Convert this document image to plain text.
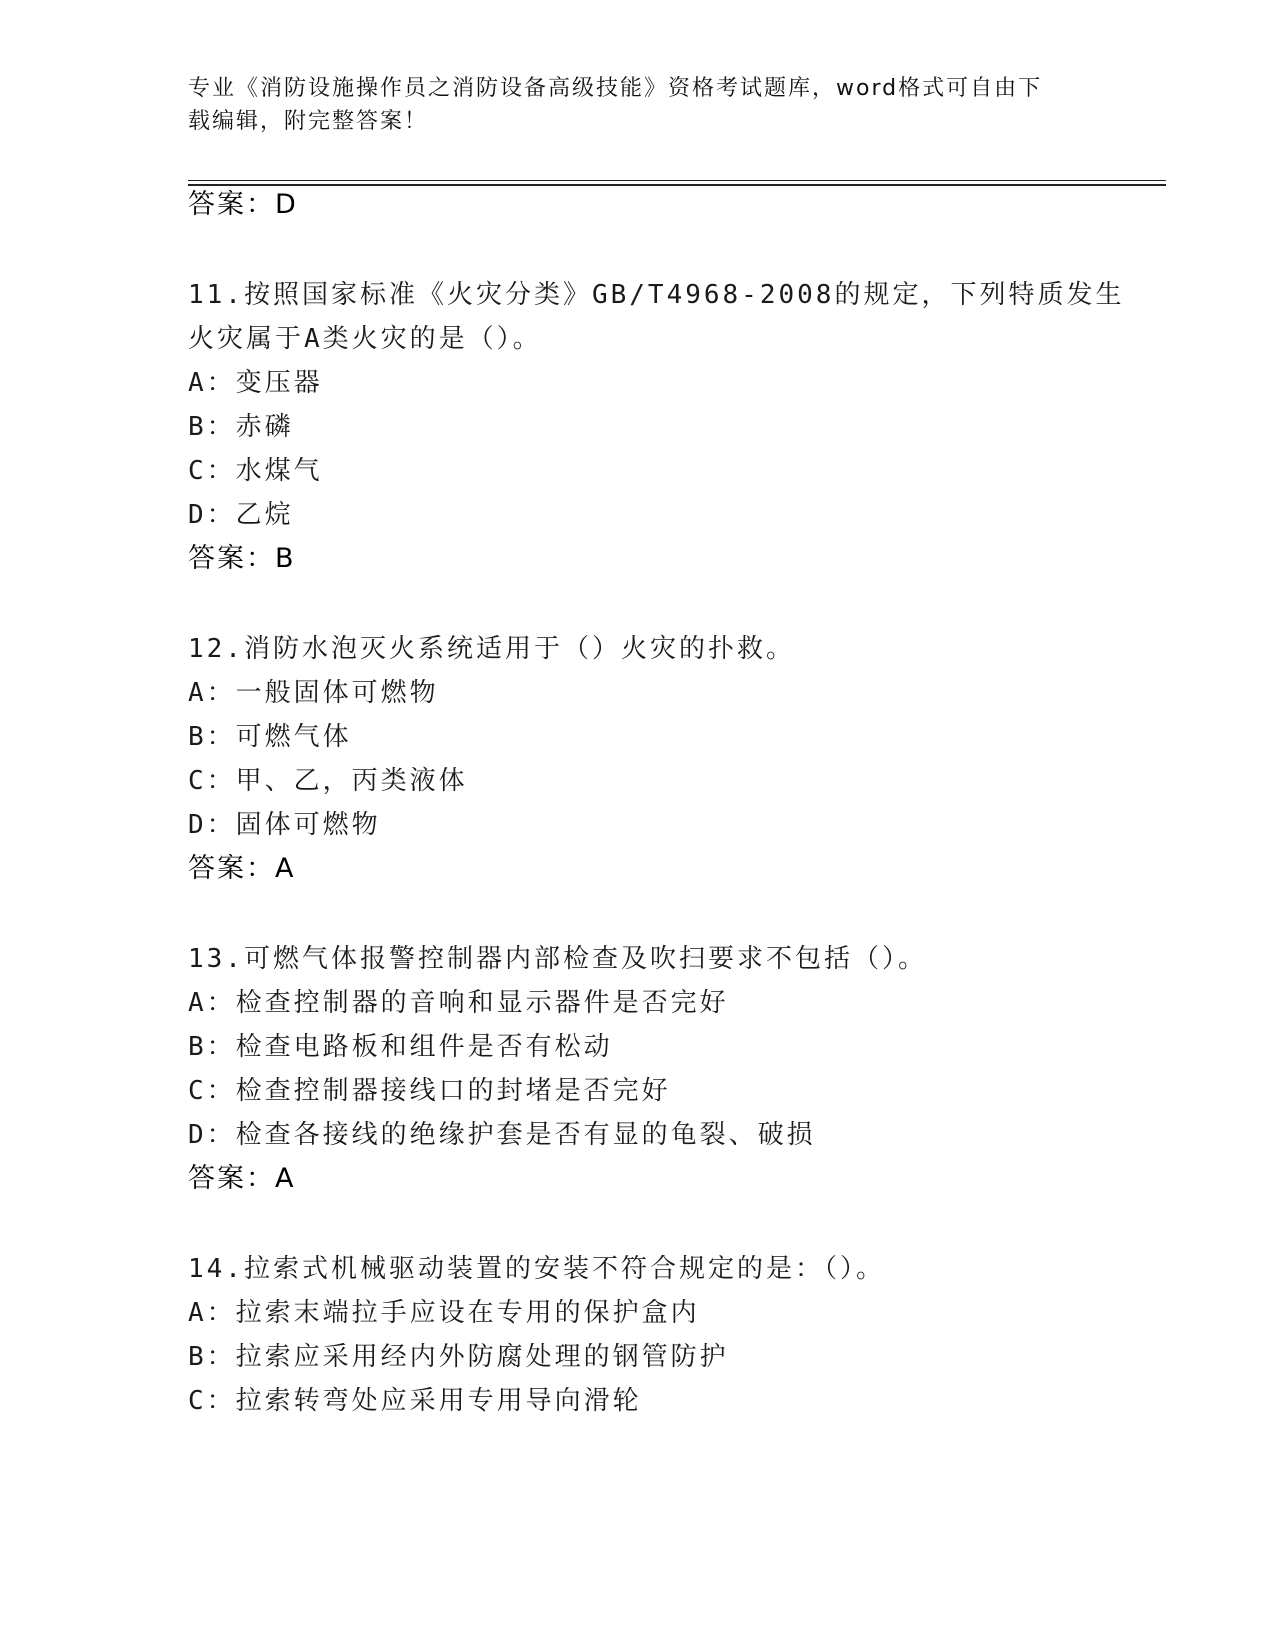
专业《消防设施操作员之消防设备高级技能》资格考试题库，word格式可自由下
载编辑，附完整答案！
答案：D
11.按照国家标准《火灾分类》GB/T4968-2008的规定，下列特质发生
火灾属于A类火灾的是（）。
A：变压器
B：赤磷
C：水煤气
D：乙烷
答案：B
12.消防水泡灭火系统适用于（）火灾的扑救。
A：一般固体可燃物
B：可燃气体
C：甲、乙，丙类液体
D：固体可燃物
答案：A
13.可燃气体报警控制器内部检查及吹扫要求不包括（）。
A：检查控制器的音响和显示器件是否完好
B：检查电路板和组件是否有松动
C：检查控制器接线口的封堵是否完好
D：检查各接线的绝缘护套是否有显的龟裂、破损
答案：A
14.拉索式机械驱动装置的安装不符合规定的是：（）。
A：拉索末端拉手应设在专用的保护盒内
B：拉索应采用经内外防腐处理的钢管防护
C：拉索转弯处应采用专用导向滑轮
